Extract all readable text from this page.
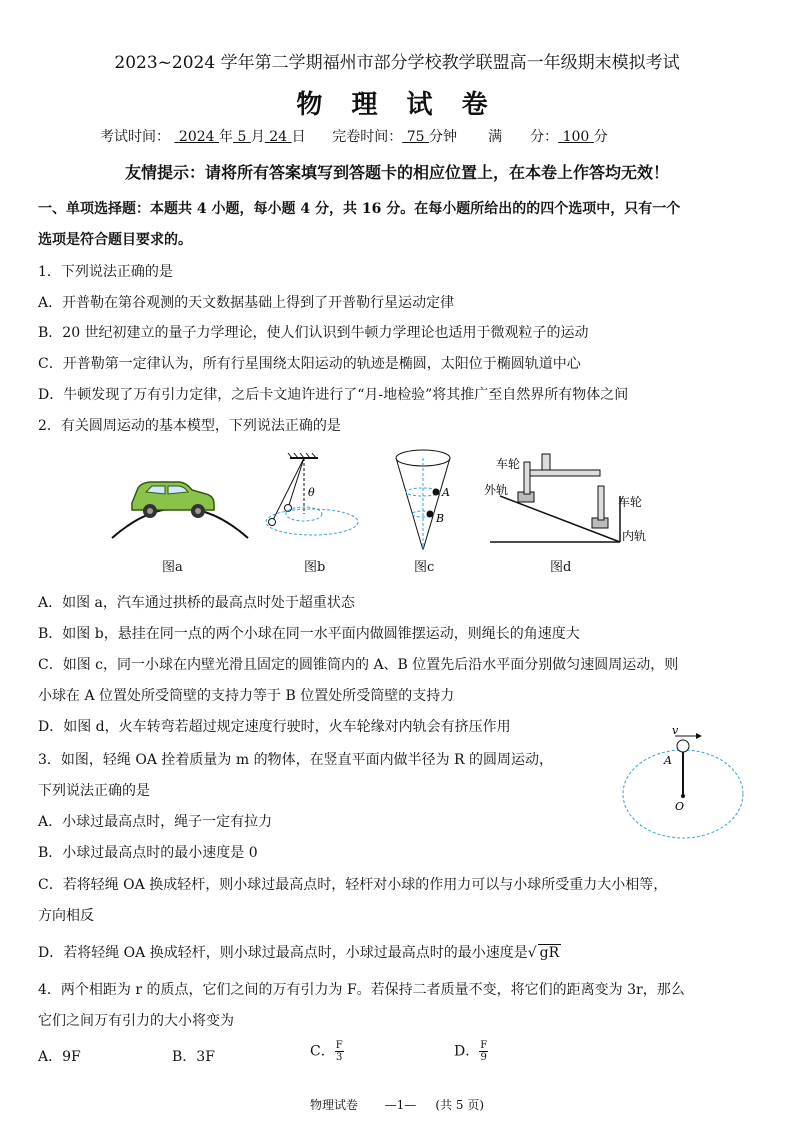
2023~2024 学年第二学期福州市部分学校教学联盟高一年级期末模拟考试
物 理 试 卷
考试时间： 2024 年 5 月 24 日 完卷时间： 75 分钟 满　　分： 100 分
友情提示：请将所有答案填写到答题卡的相应位置上，在本卷上作答均无效！
一、单项选择题：本题共 4 小题，每小题 4 分，共 16 分。在每小题所给出的的四个选项中，只有一个
选项是符合题目要求的。
1．下列说法正确的是
A．开普勒在第谷观测的天文数据基础上得到了开普勒行星运动定律
B．20 世纪初建立的量子力学理论，使人们认识到牛顿力学理论也适用于微观粒子的运动
C．开普勒第一定律认为，所有行星围绕太阳运动的轨迹是椭圆，太阳位于椭圆轨道中心
D．牛顿发现了万有引力定律，之后卡文迪许进行了“月-地检验”将其推广至自然界所有物体之间
2．有关圆周运动的基本模型，下列说法正确的是
图a
θ
图b
A
B
图c
车轮
外轨
车轮
内轨
图d
A．如图 a，汽车通过拱桥的最高点时处于超重状态
B．如图 b，悬挂在同一点的两个小球在同一水平面内做圆锥摆运动，则绳长的角速度大
C．如图 c，同一小球在内壁光滑且固定的圆锥筒内的 A、B 位置先后沿水平面分别做匀速圆周运动，则
小球在 A 位置处所受筒壁的支持力等于 B 位置处所受筒壁的支持力
D．如图 d，火车转弯若超过规定速度行驶时，火车轮缘对内轨会有挤压作用
3．如图，轻绳 OA 拴着质量为 m 的物体，在竖直平面内做半径为 R 的圆周运动，
下列说法正确的是
v
A
O
A．小球过最高点时，绳子一定有拉力
B．小球过最高点时的最小速度是 0
C．若将轻绳 OA 换成轻杆，则小球过最高点时，轻杆对小球的作用力可以与小球所受重力大小相等，
方向相反
D．若将轻绳 OA 换成轻杆，则小球过最高点时，小球过最高点时的最小速度是√ gR
4．两个相距为 r 的质点，它们之间的万有引力为 F。若保持二者质量不变，将它们的距离变为 3r，那么
它们之间万有引力的大小将变为
A．9F	B．3F	C． $\frac{F}{3}$	D． $\frac{F}{9}$
物理试卷 —1— (共 5 页)
